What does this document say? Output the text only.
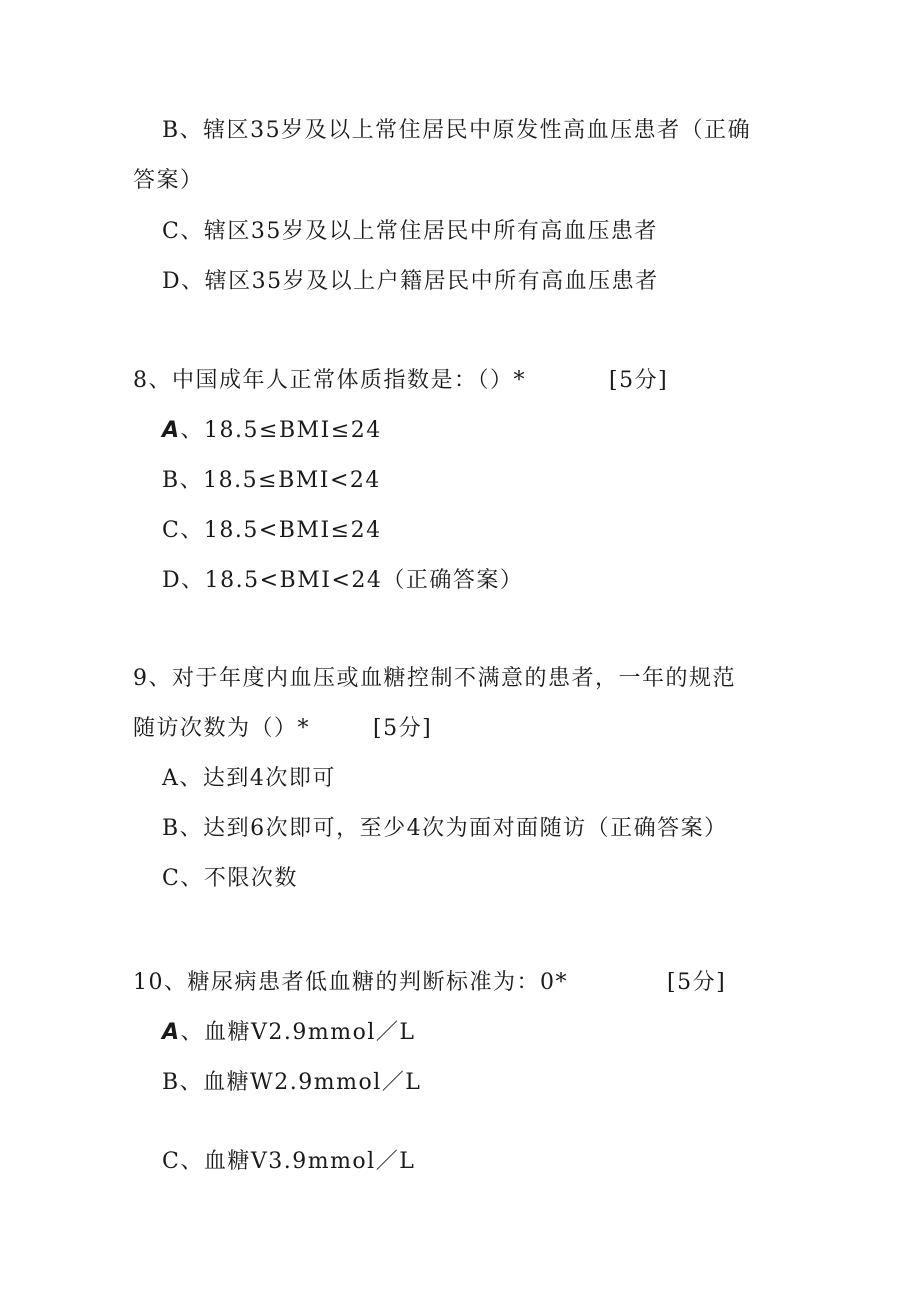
B、辖区35岁及以上常住居民中原发性高血压患者（正确
答案）
C、辖区35岁及以上常住居民中所有高血压患者
D、辖区35岁及以上户籍居民中所有高血压患者
8、中国成年人正常体质指数是：（）*	[5分]
A、18.5≤BMI≤24
B、18.5≤BMI<24
C、18.5<BMI≤24
D、18.5<BMI<24（正确答案）
9、对于年度内血压或血糖控制不满意的患者，一年的规范
随访次数为（）*	[5分]
A、达到4次即可
B、达到6次即可，至少4次为面对面随访（正确答案）
C、不限次数
10、糖尿病患者低血糖的判断标准为：0*	[5分]
A、血糖V2.9mmol／L
B、血糖W2.9mmol／L
C、血糖V3.9mmol／L
